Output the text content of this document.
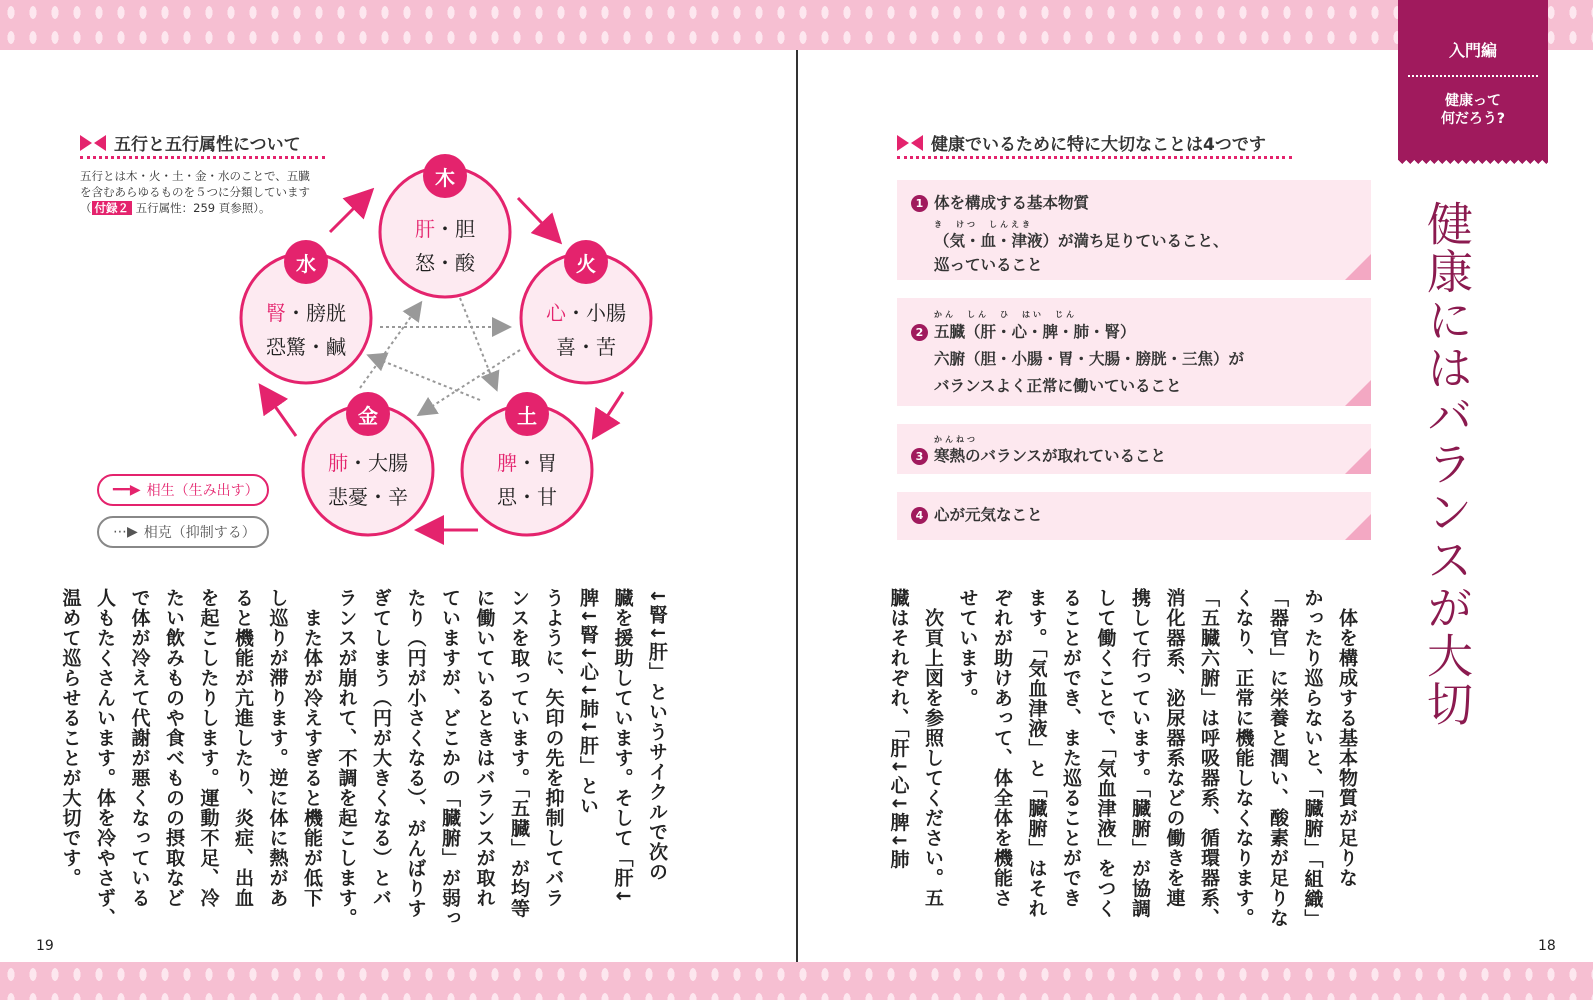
五行と五行属性について
五行とは木・火・土・金・水のことで、五臓
を含むあらゆるものを５つに分類しています
（ 付録２ 五行属性：259 頁参照）。
木
火
土
金
水
肝・胆
怒・酸
心・小腸
喜・苦
脾・胃
思・甘
肺・大腸
悲憂・辛
腎・膀胱
恐驚・鹹
━━▶ 相生（生み出す）
⋯▶ 相克（抑制する）
↓腎↓肝」というサイクルで次の
臓を援助しています。そして「肝↓
脾↓腎↓心↓肺↓肝」とい
うように、矢印の先を抑制してバラ
ンスを取っています。「五臓」が均等
に働いているときはバランスが取れ
ていますが、どこかの「臓腑」が弱っ
たり（円が小さくなる）、がんばりす
ぎてしまう（円が大きくなる）とバ
ランスが崩れて、不調を起こします。
　また体が冷えすぎると機能が低下
し巡りが滞ります。逆に体に熱があ
ると機能が亢進したり、炎症、出血
を起こしたりします。運動不足、冷
たい飲みものや食べものの摂取など
で体が冷えて代謝が悪くなっている
人もたくさんいます。体を冷やさず、
温めて巡らせることが大切です。
19
入門編
健康って
何だろう?
健康にはバランスが大切
健康でいるために特に大切なことは4つです
1 体を構成する基本物質
き　けつ　しんえき
（気・血・津液）が満ち足りていること、
巡っていること
かん　しん　ひ　はい　じん
2 五臓（肝・心・脾・肺・腎）
六腑（胆・小腸・胃・大腸・膀胱・三焦）が
バランスよく正常に働いていること
かんねつ
3 寒熱のバランスが取れていること
4 心が元気なこと
　体を構成する基本物質が足りな
かったり巡らないと、「臓腑」「組織」
「器官」に栄養と潤い、酸素が足りな
くなり、正常に機能しなくなります。
「五臓六腑」は呼吸器系、循環器系、
消化器系、泌尿器系などの働きを連
携して行っています。「臓腑」が協調
して働くことで、「気血津液」をつく
ることができ、また巡ることができ
ます。「気血津液」と「臓腑」はそれ
ぞれが助けあって、体全体を機能さ
せています。
　次頁上図を参照してください。五
臓はそれぞれ、「肝↓心↓脾↓肺
18
